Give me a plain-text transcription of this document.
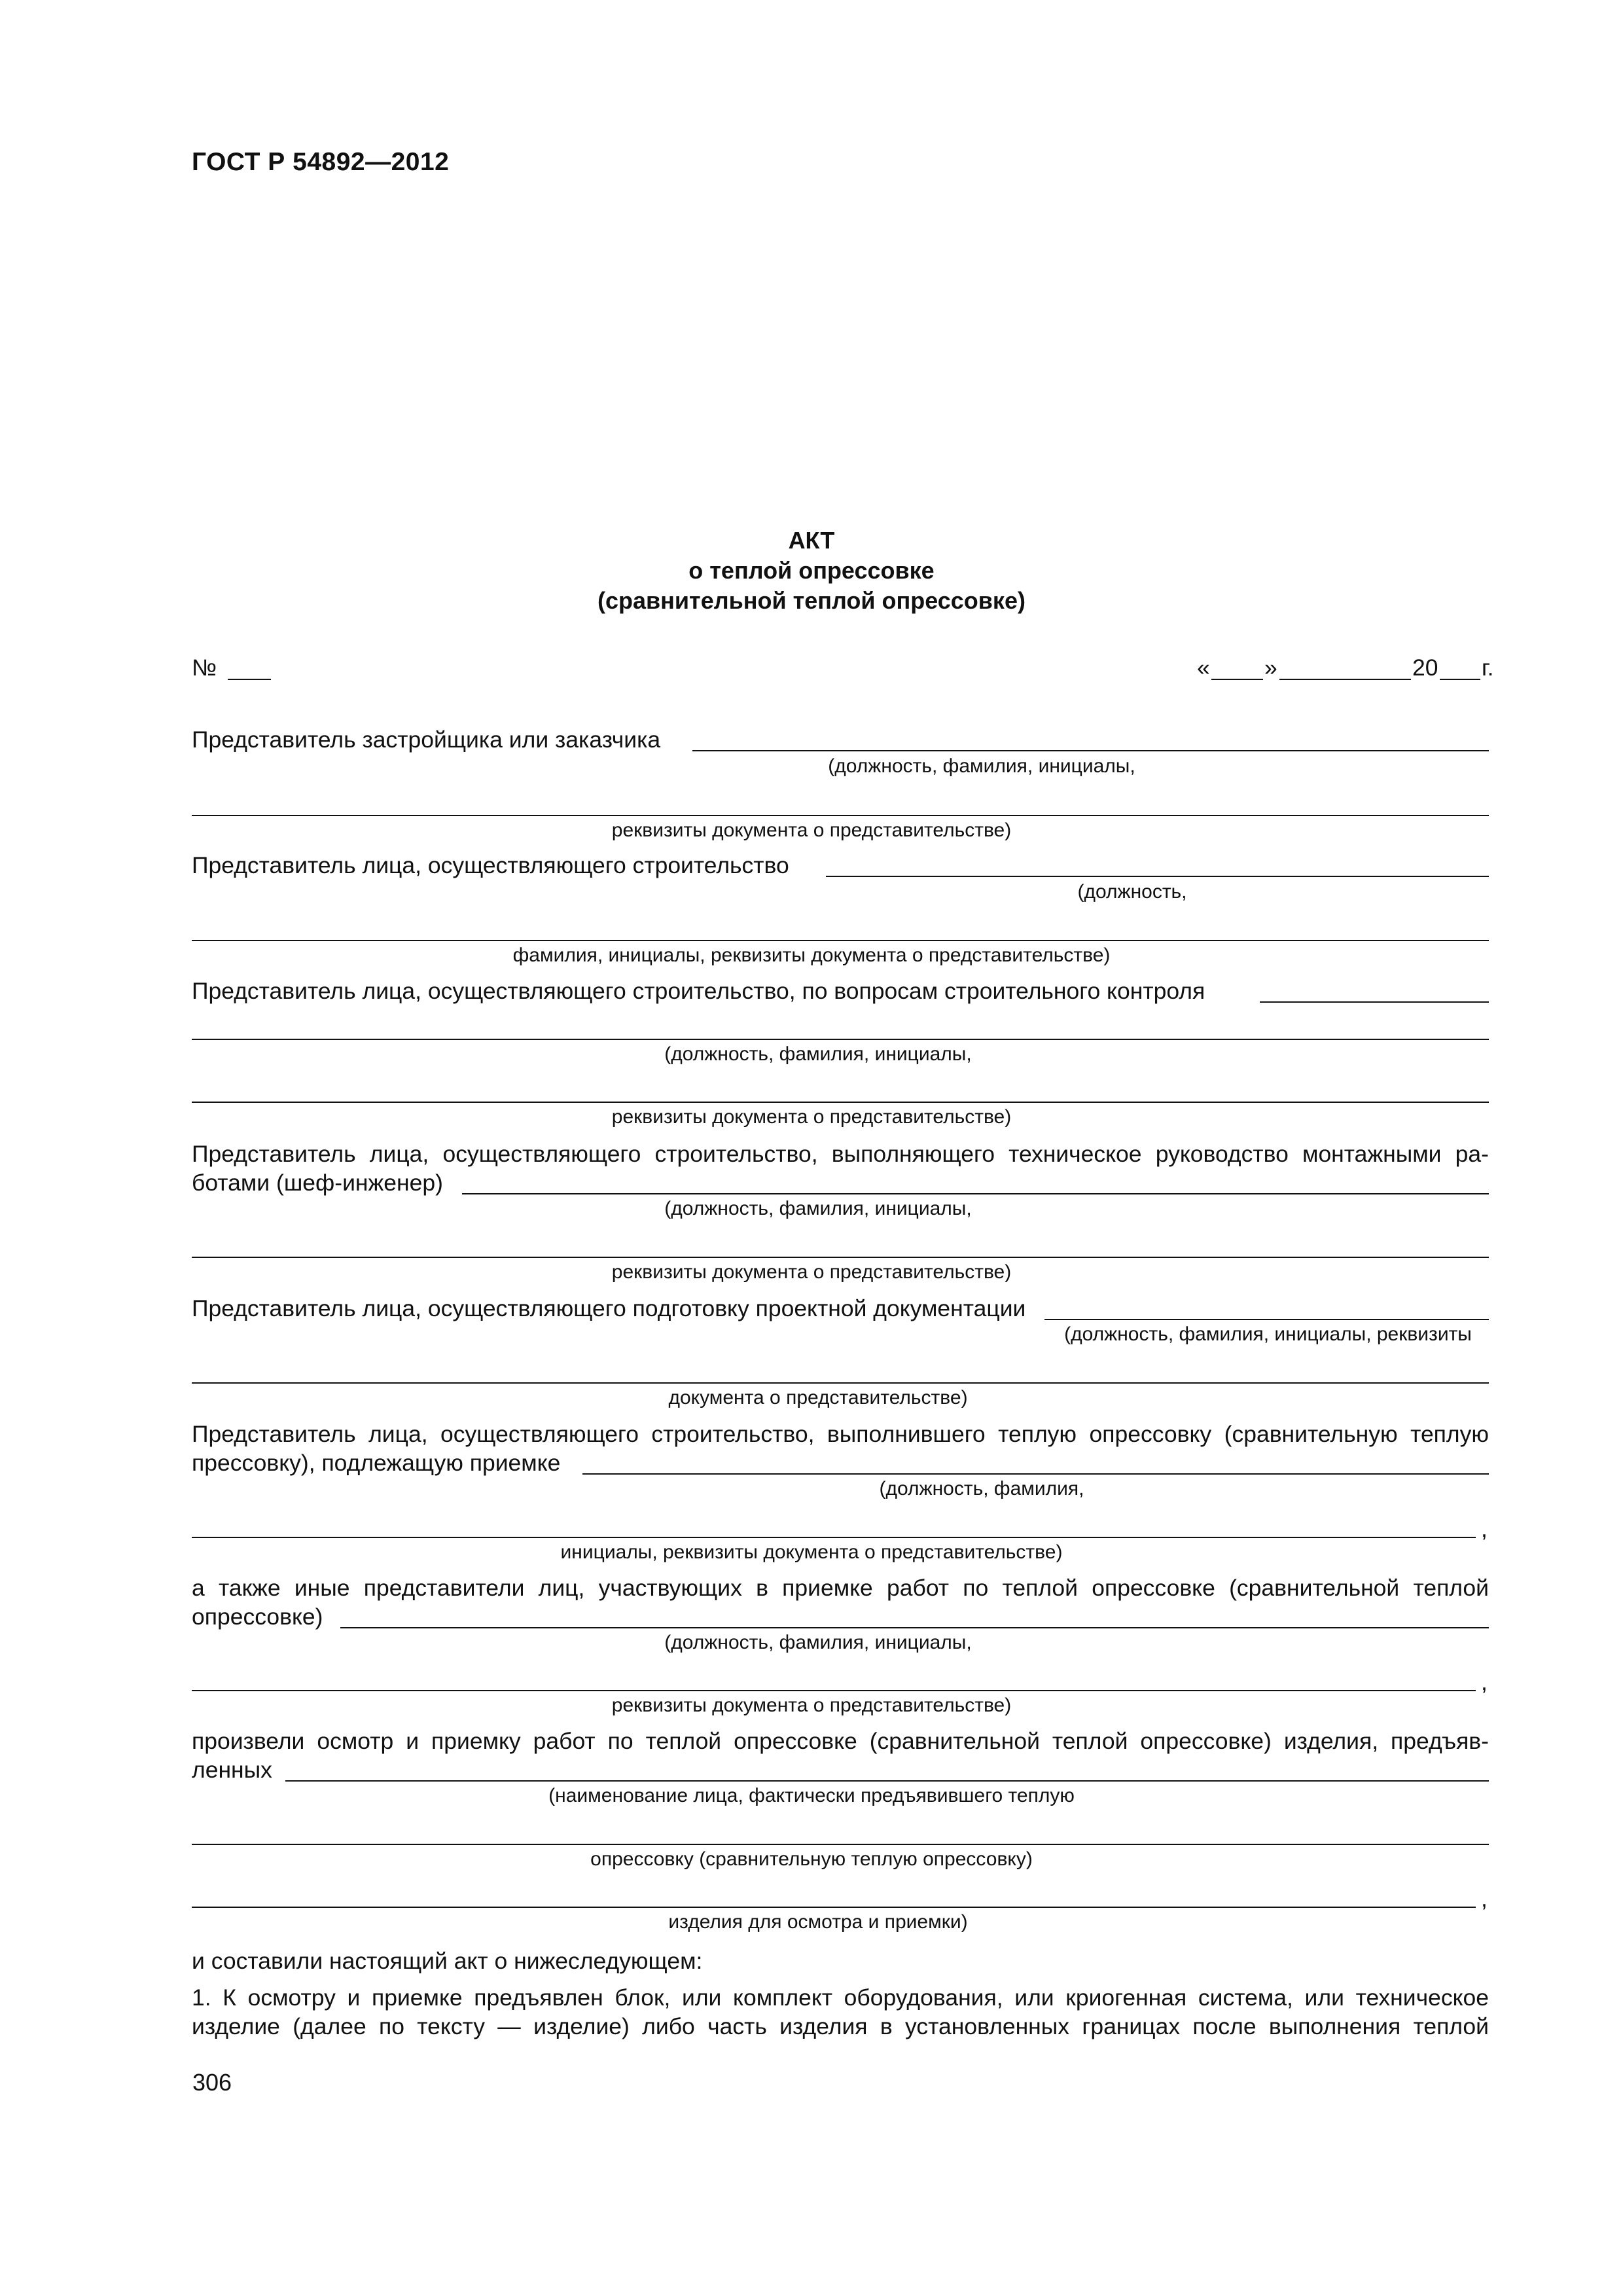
ГОСТ Р 54892—2012
АКТ
о теплой опрессовке
(сравнительной теплой опрессовке)
№	« »	20 г.
Представитель застройщика или заказчика
(должность, фамилия, инициалы,
реквизиты документа о представительстве)
Представитель лица, осуществляющего строительство
(должность,
фамилия, инициалы, реквизиты документа о представительстве)
Представитель лица, осуществляющего строительство, по вопросам строительного контроля
(должность, фамилия, инициалы,
реквизиты документа о представительстве)
Представитель лица, осуществляющего строительство, выполняющего техническое руководство монтажными ра-
ботами (шеф-инженер)
(должность, фамилия, инициалы,
реквизиты документа о представительстве)
Представитель лица, осуществляющего подготовку проектной документации
(должность, фамилия, инициалы, реквизиты
документа о представительстве)
Представитель лица, осуществляющего строительство, выполнившего теплую опрессовку (сравнительную теплую
прессовку), подлежащую приемке
(должность, фамилия,
,
инициалы, реквизиты документа о представительстве)
а также иные представители лиц, участвующих в приемке работ по теплой опрессовке (сравнительной теплой
опрессовке)
(должность, фамилия, инициалы,
,
реквизиты документа о представительстве)
произвели осмотр и приемку работ по теплой опрессовке (сравнительной теплой опрессовке) изделия, предъяв-
ленных
(наименование лица, фактически предъявившего теплую
опрессовку (сравнительную теплую опрессовку)
,
изделия для осмотра и приемки)
и составили настоящий акт о нижеследующем:
1. К осмотру и приемке предъявлен блок, или комплект оборудования, или криогенная система, или техническое
изделие (далее по тексту — изделие) либо часть изделия в установленных границах после выполнения теплой
306
